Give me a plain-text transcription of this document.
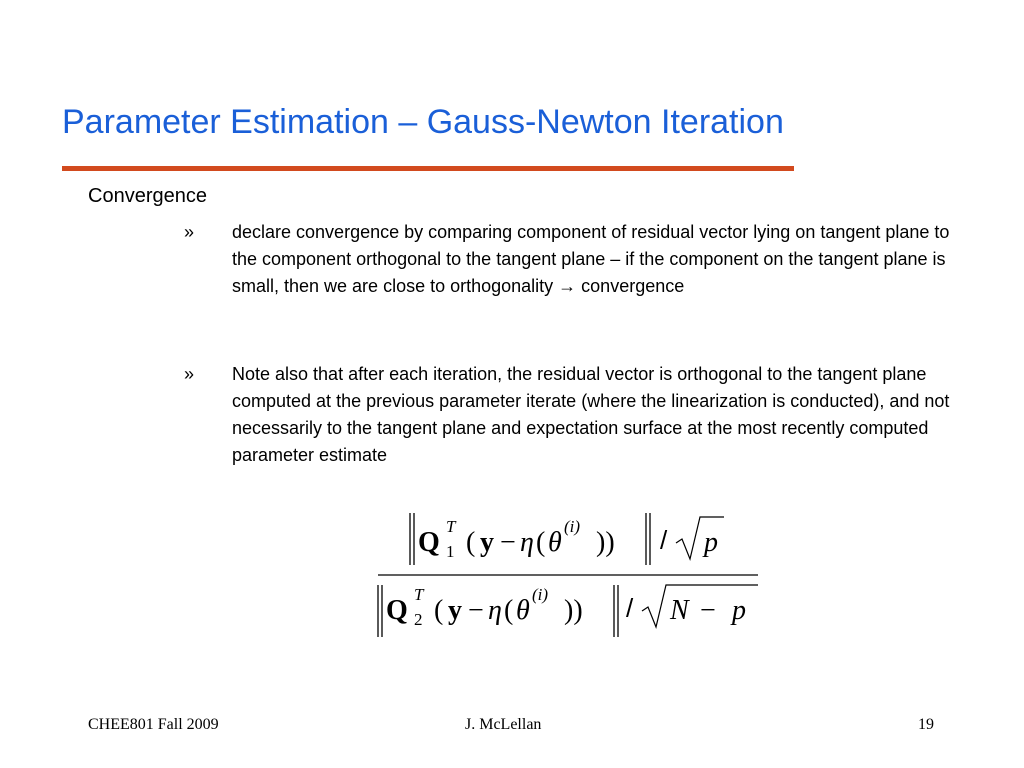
Parameter Estimation – Gauss-Newton Iteration
Convergence
» declare convergence by comparing component of residual vector lying on tangent plane to the component orthogonal to the tangent plane – if the component on the tangent plane is small, then we are close to orthogonality → convergence
» Note also that after each iteration, the residual vector is orthogonal to the tangent plane computed at the previous parameter iterate (where the linearization is conducted), and not necessarily to the tangent plane and expectation surface at the most recently computed parameter estimate
Q
T
1 ( y − η ( θ
(i)
)) / p
Q
T
2 ( y − η ( θ
(i)
)) / N − p
CHEE801 Fall 2009	J. McLellan	19
